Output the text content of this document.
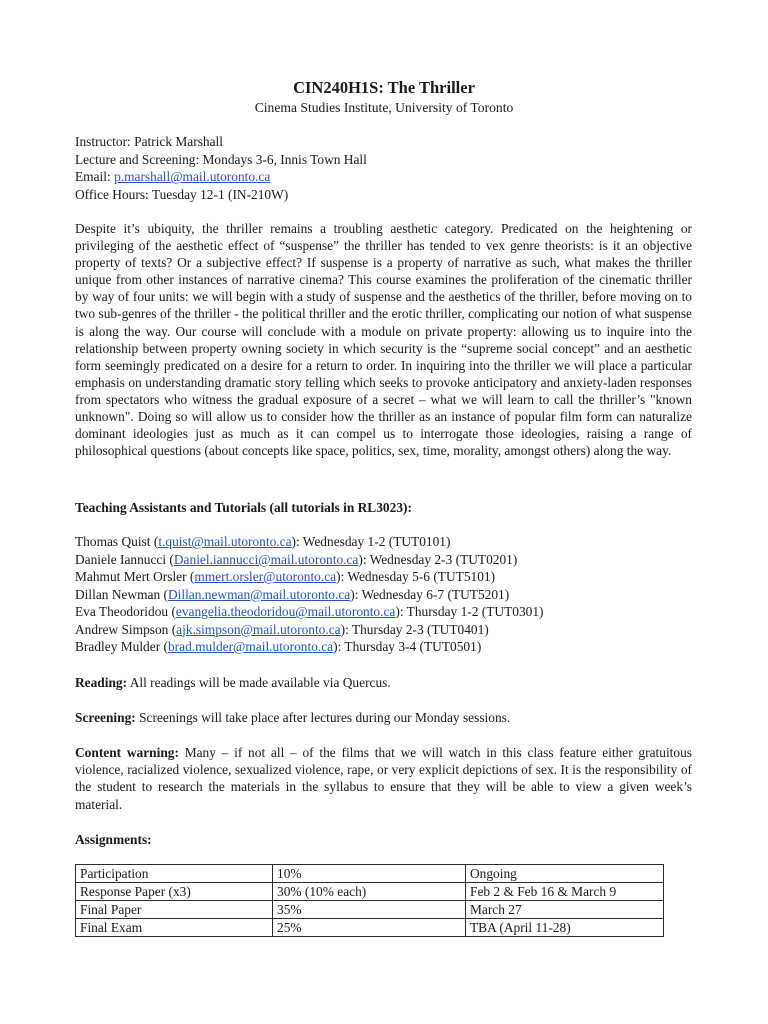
CIN240H1S: The Thriller
Cinema Studies Institute, University of Toronto
Instructor: Patrick Marshall
Lecture and Screening: Mondays 3-6, Innis Town Hall
Email: p.marshall@mail.utoronto.ca
Office Hours: Tuesday 12-1 (IN-210W)
Despite it’s ubiquity, the thriller remains a troubling aesthetic category. Predicated on the heightening or privileging of the aesthetic effect of “suspense” the thriller has tended to vex genre theorists: is it an objective property of texts? Or a subjective effect? If suspense is a property of narrative as such, what makes the thriller unique from other instances of narrative cinema? This course examines the proliferation of the cinematic thriller by way of four units: we will begin with a study of suspense and the aesthetics of the thriller, before moving on to two sub-genres of the thriller - the political thriller and the erotic thriller, complicating our notion of what suspense is along the way. Our course will conclude with a module on private property: allowing us to inquire into the relationship between property owning society in which security is the “supreme social concept” and an aesthetic form seemingly predicated on a desire for a return to order. In inquiring into the thriller we will place a particular emphasis on understanding dramatic story telling which seeks to provoke anticipatory and anxiety-laden responses from spectators who witness the gradual exposure of a secret – what we will learn to call the thriller’s "known unknown". Doing so will allow us to consider how the thriller as an instance of popular film form can naturalize dominant ideologies just as much as it can compel us to interrogate those ideologies, raising a range of philosophical questions (about concepts like space, politics, sex, time, morality, amongst others) along the way.
Teaching Assistants and Tutorials (all tutorials in RL3023):
Thomas Quist (t.quist@mail.utoronto.ca): Wednesday 1-2 (TUT0101)
Daniele Iannucci (Daniel.iannucci@mail.utoronto.ca): Wednesday 2-3 (TUT0201)
Mahmut Mert Orsler (mmert.orsler@utoronto.ca): Wednesday 5-6 (TUT5101)
Dillan Newman (Dillan.newman@mail.utoronto.ca): Wednesday 6-7 (TUT5201)
Eva Theodoridou (evangelia.theodoridou@mail.utoronto.ca): Thursday 1-2 (TUT0301)
Andrew Simpson (ajk.simpson@mail.utoronto.ca): Thursday 2-3 (TUT0401)
Bradley Mulder (brad.mulder@mail.utoronto.ca): Thursday 3-4 (TUT0501)
Reading: All readings will be made available via Quercus.
Screening: Screenings will take place after lectures during our Monday sessions.
Content warning: Many – if not all – of the films that we will watch in this class feature either gratuitous violence, racialized violence, sexualized violence, rape, or very explicit depictions of sex. It is the responsibility of the student to research the materials in the syllabus to ensure that they will be able to view a given week’s material.
Assignments:
Participation	10%	Ongoing
Response Paper (x3)	30% (10% each)	Feb 2 & Feb 16 & March 9
Final Paper	35%	March 27
Final Exam	25%	TBA (April 11-28)
